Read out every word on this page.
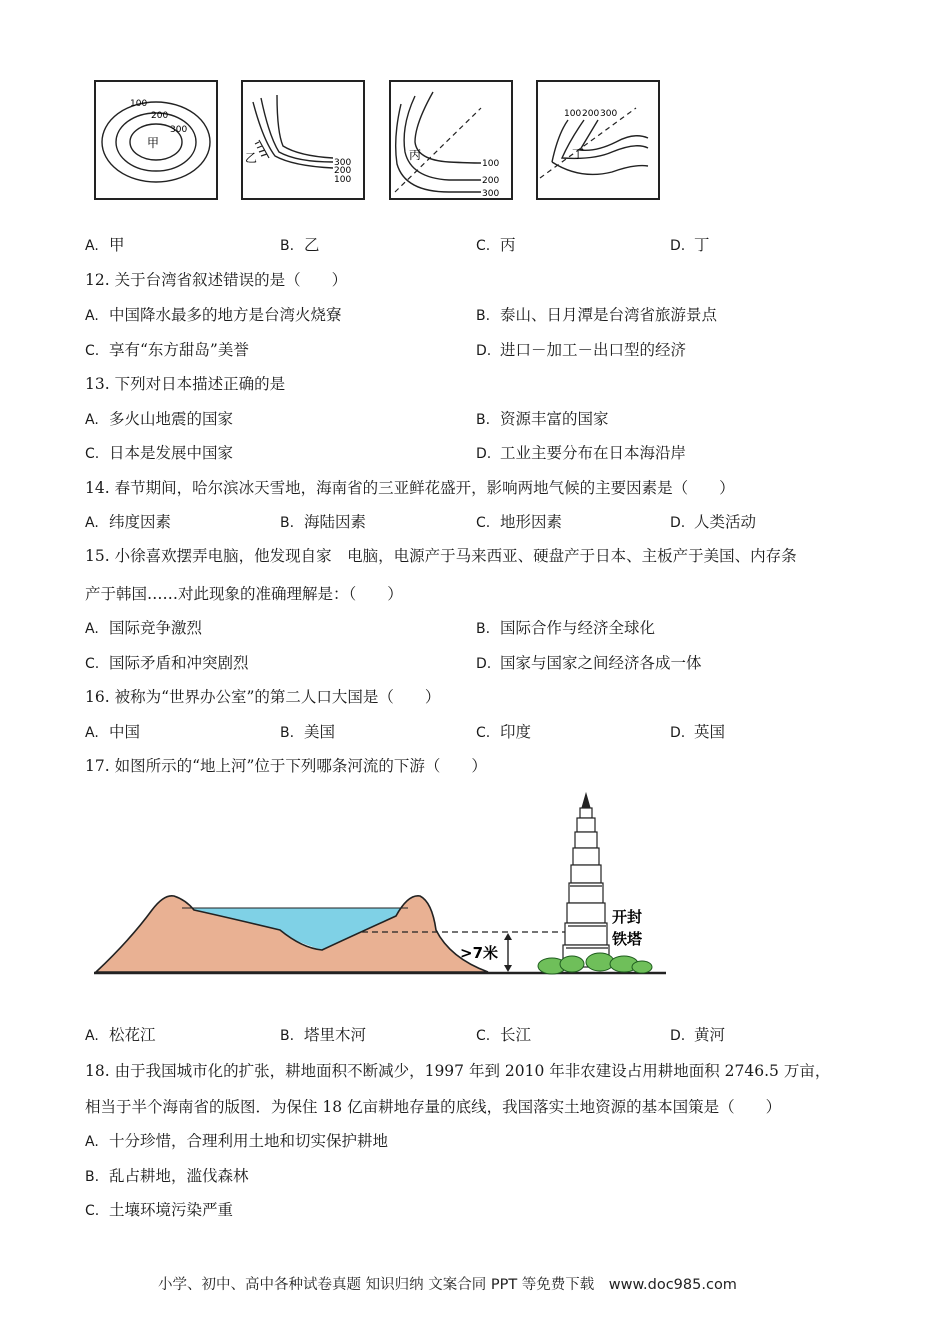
100
200
300
甲
300
200
100
乙	100
200
300
丙
100 200 300
丁
A. 甲	B. 乙	C. 丙	D. 丁
12. 关于台湾省叙述错误的是（　　）
A. 中国降水最多的地方是台湾火烧寮	B. 泰山、日月潭是台湾省旅游景点
C. 享有“东方甜岛”美誉	D. 进口－加工－出口型的经济
13. 下列对日本描述正确的是
A. 多火山地震的国家	B. 资源丰富的国家
C. 日本是发展中国家	D. 工业主要分布在日本海沿岸
14. 春节期间，哈尔滨冰天雪地，海南省的三亚鲜花盛开，影响两地气候的主要因素是（　　）
A. 纬度因素	B. 海陆因素	C. 地形因素	D. 人类活动
15. 小徐喜欢摆弄电脑，他发现自家　电脑，电源产于马来西亚、硬盘产于日本、主板产于美国、内存条
产于韩国……对此现象的准确理解是：（　　）
A. 国际竞争激烈	B. 国际合作与经济全球化
C. 国际矛盾和冲突剧烈	D. 国家与国家之间经济各成一体
16. 被称为“世界办公室”的第二人口大国是（　　）
A. 中国	B. 美国	C. 印度	D. 英国
17. 如图所示的“地上河”位于下列哪条河流的下游（　　）
>7米
开封
铁塔
A. 松花江	B. 塔里木河	C. 长江	D. 黄河
18. 由于我国城市化的扩张，耕地面积不断减少，1997 年到 2010 年非农建设占用耕地面积 2746.5 万亩，
相当于半个海南省的版图．为保住 18 亿亩耕地存量的底线，我国落实土地资源的基本国策是（　　）
A. 十分珍惜，合理利用土地和切实保护耕地
B. 乱占耕地，滥伐森林
C. 土壤环境污染严重
小学、初中、高中各种试卷真题 知识归纳 文案合同 PPT 等免费下载　www.doc985.com
